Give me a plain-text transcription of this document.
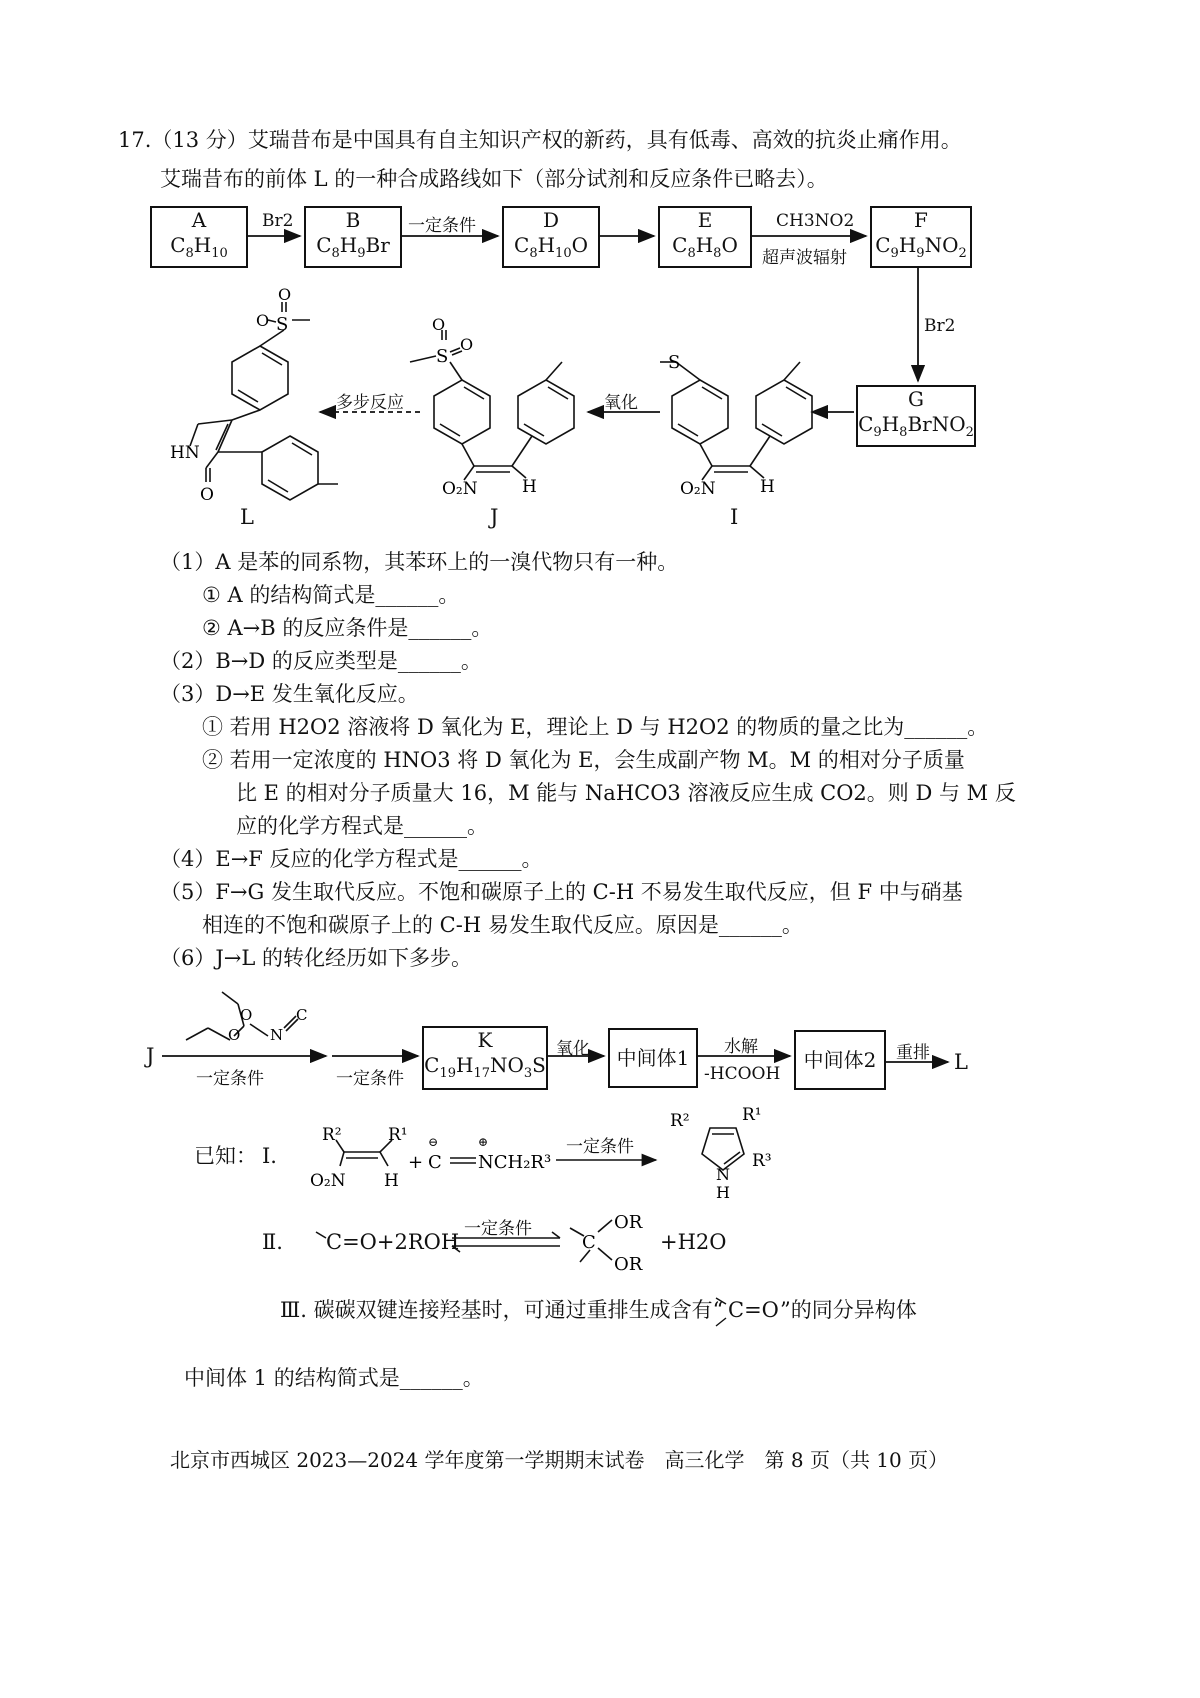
17.（13 分）艾瑞昔布是中国具有自主知识产权的新药，具有低毒、高效的抗炎止痛作用。
艾瑞昔布的前体 L 的一种合成路线如下（部分试剂和反应条件已略去）。
A
$C_8H_{10}$
B
$C_8H_9Br$
D
$C_8H_{10}O$
E
$C_8H_8O$
F
$C_9H_9NO_2$
G
$C_9H_8BrNO_2$
Br2	一定条件	CH3NO2
超声波辐射
Br2
氧化
多步反应
L	J	I
S
O₂N	H
S
O
O
O₂N	H
S
O
O
HN
O
O
O
N
C
R²	R¹
O₂N H
+ C NCH₂R³
⊖	⊕
R²	R¹
R³
N
H
OR
OR
C
（1）A 是苯的同系物，其苯环上的一溴代物只有一种。
① A 的结构简式是______。
② A→B 的反应条件是______。
（2）B→D 的反应类型是______。
（3）D→E 发生氧化反应。
① 若用 H2O2 溶液将 D 氧化为 E，理论上 D 与 H2O2 的物质的量之比为______。
② 若用一定浓度的 HNO3 将 D 氧化为 E，会生成副产物 M。M 的相对分子质量
比 E 的相对分子质量大 16，M 能与 NaHCO3 溶液反应生成 CO2。则 D 与 M 反
应的化学方程式是______。
（4）E→F 反应的化学方程式是______。
（5）F→G 发生取代反应。不饱和碳原子上的 C-H 不易发生取代反应，但 F 中与硝基
相连的不饱和碳原子上的 C-H 易发生取代反应。原因是______。
（6）J→L 的转化经历如下多步。
J
一定条件	一定条件
K
$C_{19}H_{17}NO_3S$
氧化	中间体1	水解
-HCOOH
中间体2	重排 L
已知： Ⅰ.	一定条件
Ⅱ. C=O+2ROH
一定条件
+H2O
Ⅲ. 碳碳双键连接羟基时，可通过重排生成含有“ C=O ”的同分异构体
中间体 1 的结构简式是______。
北京市西城区 2023—2024 学年度第一学期期末试卷　高三化学　第 8 页（共 10 页）
